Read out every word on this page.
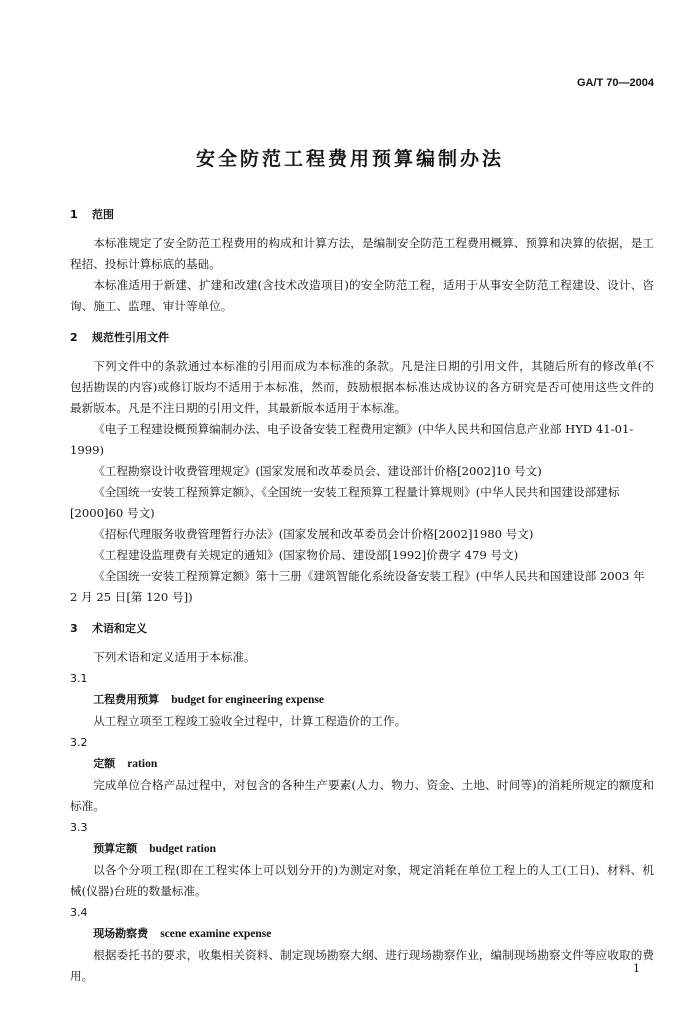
GA/T 70—2004
安全防范工程费用预算编制办法
1 范围

本标准规定了安全防范工程费用的构成和计算方法，是编制安全防范工程费用概算、预算和决算的依据，是工程招、投标计算标底的基础。

本标准适用于新建、扩建和改建(含技术改造项目)的安全防范工程，适用于从事安全防范工程建设、设计、咨询、施工、监理、审计等单位。

2 规范性引用文件

下列文件中的条款通过本标准的引用而成为本标准的条款。凡是注日期的引用文件，其随后所有的修改单(不包括勘误的内容)或修订版均不适用于本标准，然而，鼓励根据本标准达成协议的各方研究是否可使用这些文件的最新版本。凡是不注日期的引用文件，其最新版本适用于本标准。

《电子工程建设概预算编制办法、电子设备安装工程费用定额》(中华人民共和国信息产业部 HYD 41-01-1999)

《工程勘察设计收费管理规定》(国家发展和改革委员会、建设部计价格[2002]10 号文)

《全国统一安装工程预算定额》、《全国统一安装工程预算工程量计算规则》(中华人民共和国建设部建标[2000]60 号文)

《招标代理服务收费管理暂行办法》(国家发展和改革委员会计价格[2002]1980 号文)

《工程建设监理费有关规定的通知》(国家物价局、建设部[1992]价费字 479 号文)

《全国统一安装工程预算定额》第十三册《建筑智能化系统设备安装工程》(中华人民共和国建设部 2003 年 2 月 25 日[第 120 号])

3 术语和定义

下列术语和定义适用于本标准。

3.1

工程费用预算 budget for engineering expense

从工程立项至工程竣工验收全过程中，计算工程造价的工作。

3.2

定额 ration

完成单位合格产品过程中，对包含的各种生产要素(人力、物力、资金、土地、时间等)的消耗所规定的额度和标准。

3.3

预算定额 budget ration

以各个分项工程(即在工程实体上可以划分开的)为测定对象，规定消耗在单位工程上的人工(工日)、材料、机械(仪器)台班的数量标准。

3.4

现场勘察费 scene examine expense

根据委托书的要求，收集相关资料、制定现场勘察大纲、进行现场勘察作业，编制现场勘察文件等应收取的费用。

1
